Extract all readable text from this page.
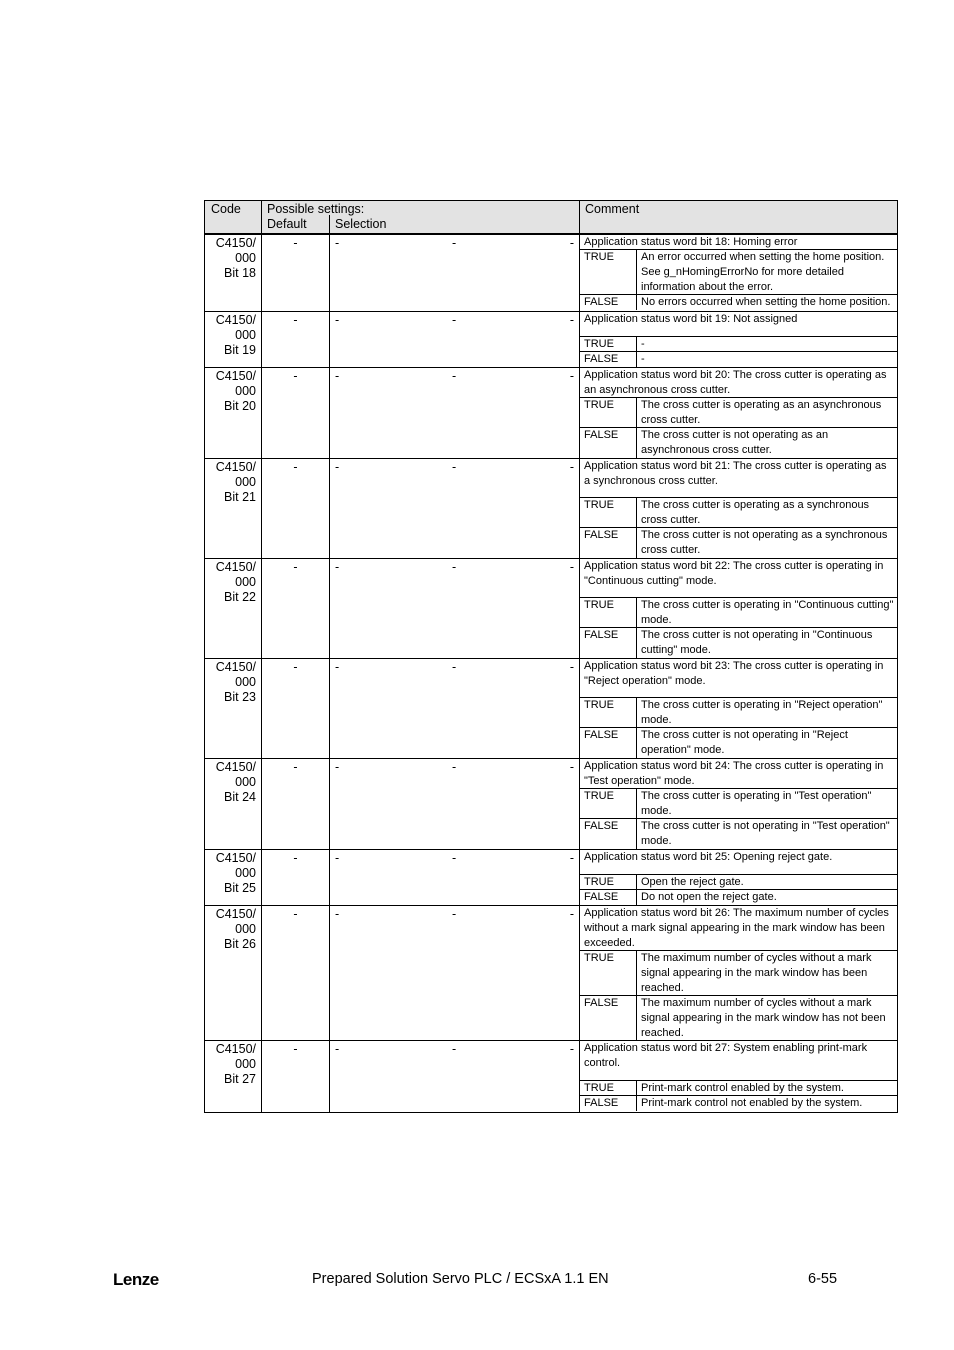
Code	Possible settings:
Default Selection
Comment
C4150/
000
Bit 18
-	-	-	- Application status word bit 18: Homing error
TRUE	An error occurred when setting the home position. See g_nHomingErrorNo for more detailed information about the error.
FALSE	No errors occurred when setting the home position.
C4150/
000
Bit 19
-	-	-	- Application status word bit 19: Not assigned
TRUE	-
FALSE	-
C4150/
000
Bit 20
-	-	-	- Application status word bit 20: The cross cutter is operating as an asynchronous cross cutter.
TRUE	The cross cutter is operating as an asynchronous cross cutter.
FALSE	The cross cutter is not operating as an asynchronous cross cutter.
C4150/
000
Bit 21
-	-	-	- Application status word bit 21: The cross cutter is operating as a synchronous cross cutter.
TRUE	The cross cutter is operating as a synchronous cross cutter.
FALSE	The cross cutter is not operating as a synchronous cross cutter.
C4150/
000
Bit 22
-	-	-	- Application status word bit 22: The cross cutter is operating in "Continuous cutting" mode.
TRUE	The cross cutter is operating in "Continuous cutting" mode.
FALSE	The cross cutter is not operating in "Continuous cutting" mode.
C4150/
000
Bit 23
-	-	-	- Application status word bit 23: The cross cutter is operating in "Reject operation" mode.
TRUE	The cross cutter is operating in "Reject operation" mode.
FALSE	The cross cutter is not operating in "Reject operation" mode.
C4150/
000
Bit 24
-	-	-	- Application status word bit 24: The cross cutter is operating in "Test operation" mode.
TRUE	The cross cutter is operating in "Test operation" mode.
FALSE	The cross cutter is not operating in "Test operation" mode.
C4150/
000
Bit 25
-	-	-	- Application status word bit 25: Opening reject gate.
TRUE	Open the reject gate.
FALSE	Do not open the reject gate.
C4150/
000
Bit 26
-	-	-	- Application status word bit 26: The maximum number of cycles without a mark signal appearing in the mark window has been exceeded.
TRUE	The maximum number of cycles without a mark signal appearing in the mark window has been reached.
FALSE	The maximum number of cycles without a mark signal appearing in the mark window has not been reached.
C4150/
000
Bit 27
-	-	-	- Application status word bit 27: System enabling print-mark control.
TRUE	Print-mark control enabled by the system.
FALSE	Print-mark control not enabled by the system.
Lenze	Prepared Solution Servo PLC / ECSxA 1.1 EN	6-55
